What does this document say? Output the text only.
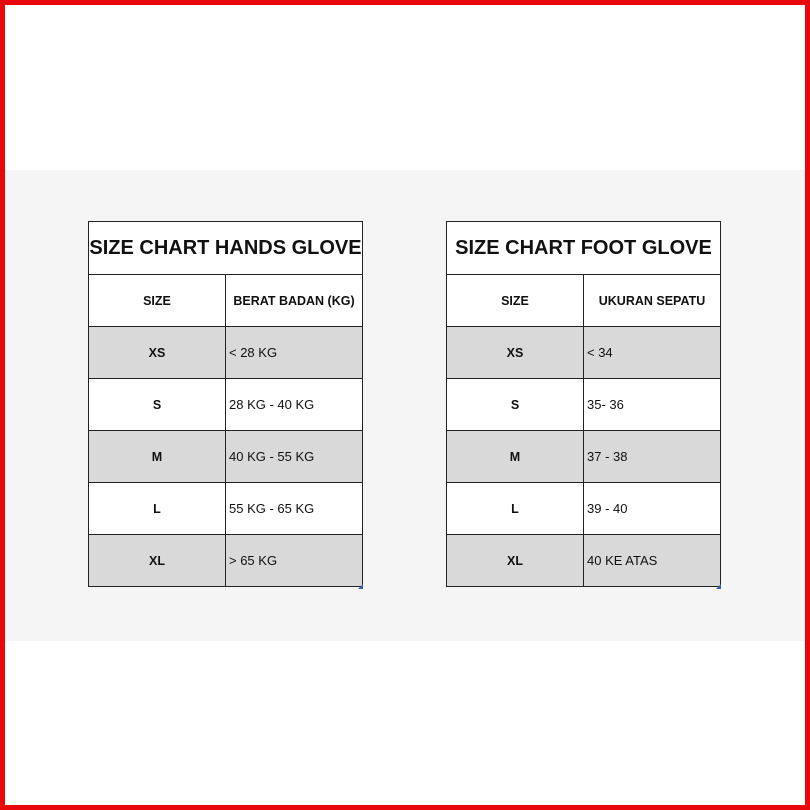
SIZE CHART HANDS GLOVE	
SIZE	BERAT BADAN (KG)
XS	< 28 KG
S	28 KG - 40 KG
M	40 KG - 55 KG
L	55 KG - 65 KG
XL	> 65 KG
SIZE CHART FOOT GLOVE	
SIZE	UKURAN SEPATU
XS	< 34
S	35- 36
M	37 - 38
L	39 - 40
XL	40 KE ATAS
